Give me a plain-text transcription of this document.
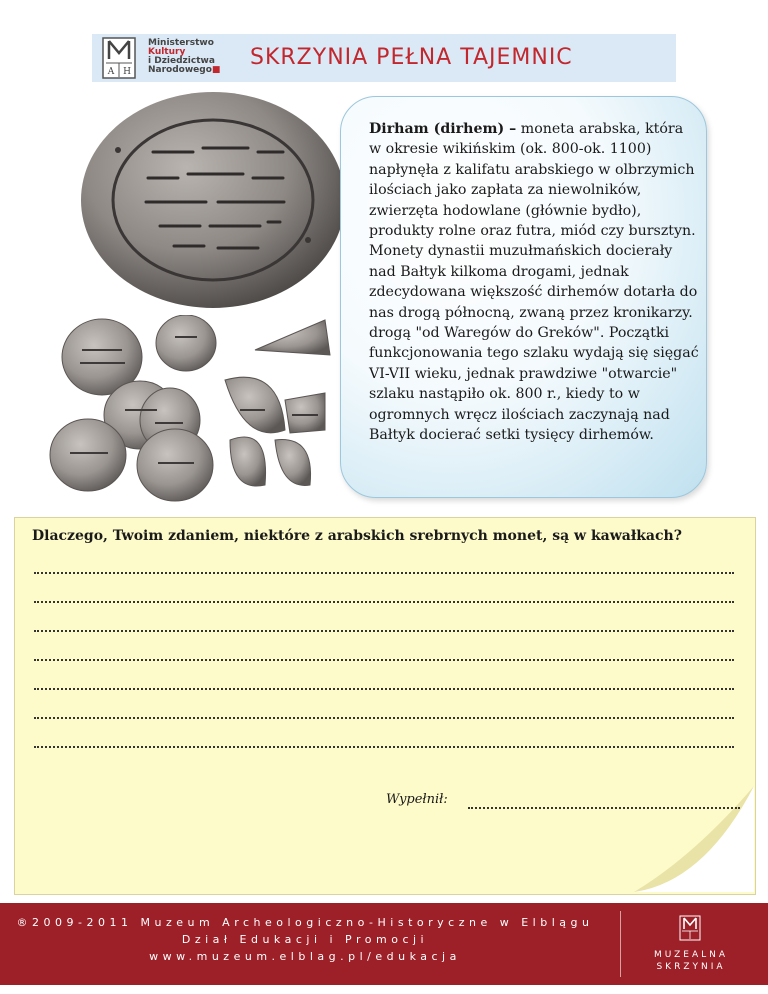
A H
Ministerstwo
Kultury
i Dziedzictwa
Narodowego■ SKRZYNIA PEŁNA TAJEMNIC

Dirham (dirhem) – moneta arabska, która w okresie wikińskim (ok. 800-ok. 1100) napłynęła z kalifatu arabskiego w olbrzymich ilościach jako zapłata za niewolników, zwierzęta hodowlane (głównie bydło), produkty rolne oraz futra, miód czy bursztyn. Monety dynastii muzułmańskich docierały nad Bałtyk kilkoma drogami, jednak zdecydowana większość dirhemów dotarła do nas drogą północną, zwaną przez kronikarzy. drogą "od Waregów do Greków". Początki funkcjonowania tego szlaku wydają się sięgać VI-VII wieku, jednak prawdziwe "otwarcie" szlaku nastąpiło ok. 800 r., kiedy to w ogromnych wręcz ilościach zaczynają nad Bałtyk docierać setki tysięcy dirhemów.

Dlaczego, Twoim zdaniem, niektóre z arabskich srebrnych monet, są w kawałkach?
Wypełnił:
®2009-2011 Muzeum Archeologiczno-Historyczne w Elblągu
Dział Edukacji i Promocji
www.muzeum.elblag.pl/edukacja	MUZEALNA
SKRZYNIA
